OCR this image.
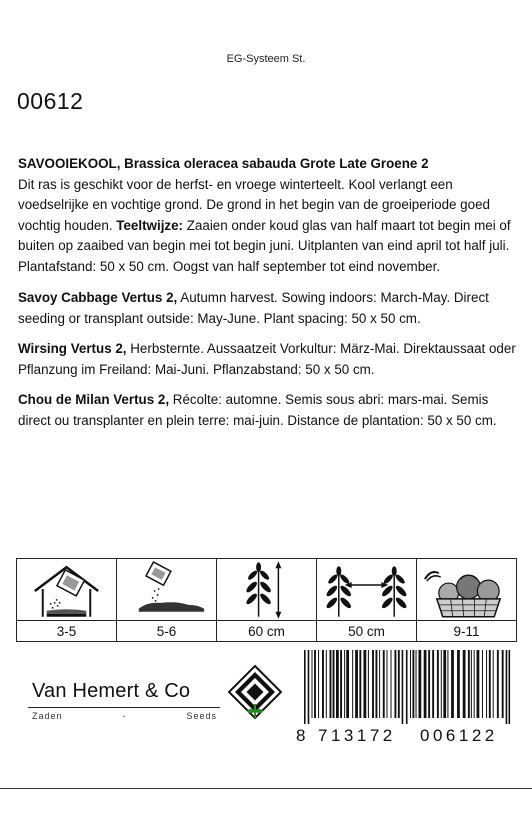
EG-Systeem St.
00612
SAVOOIEKOOL, Brassica oleracea sabauda Grote Late Groene 2
Dit ras is geschikt voor de herfst- en vroege winterteelt. Kool verlangt een voedselrijke en vochtige grond. De grond in het begin van de groeiperiode goed vochtig houden. Teeltwijze: Zaaien onder koud glas van half maart tot begin mei of buiten op zaaibed van begin mei tot begin juni. Uitplanten van eind april tot half juli. Plantafstand: 50 x 50 cm. Oogst van half september tot eind november.
Savoy Cabbage Vertus 2, Autumn harvest. Sowing indoors: March-May. Direct seeding or transplant outside: May-June. Plant spacing: 50 x 50 cm.
Wirsing Vertus 2, Herbsternte. Aussaatzeit Vorkultur: März-Mai. Direktaussaat oder Pflanzung im Freiland: Mai-Juni. Pflanzabstand: 50 x 50 cm.
Chou de Milan Vertus 2, Récolte: automne. Semis sous abri: mars-mai. Semis direct ou transplanter en plein terre: mai-juin. Distance de plantation: 50 x 50 cm.
3-5	5-6	60 cm	50 cm	9-11
Van Hemert & Co
Zaden	-	Seeds
8 713172	006122
